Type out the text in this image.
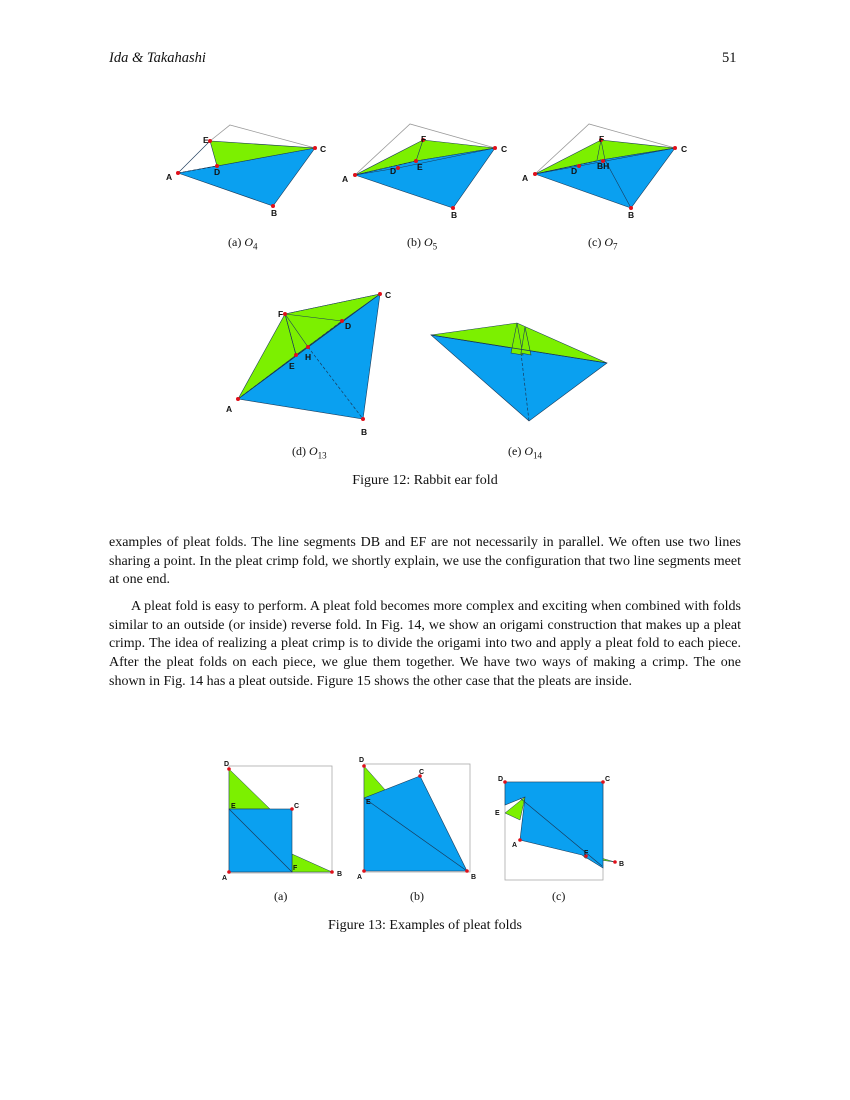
Ida & Takahashi	51
E
C
D
A
B
F
C
D E
A
B
F
C
D BH
A
B
(a) $O_4$	(b) $O_5$	(c) $O_7$
F
C
D
H
E
A
B
(d) $O_{13}$	(e) $O_{14}$
Figure 12: Rabbit ear fold

examples of pleat folds. The line segments DB and EF are not necessarily in parallel. We often use two lines sharing a point. In the pleat crimp fold, we shortly explain, we use the configuration that two line segments meet at one end.

A pleat fold is easy to perform. A pleat fold becomes more complex and exciting when combined with folds similar to an outside (or inside) reverse fold. In Fig. 14, we show an origami construction that makes up a pleat crimp. The idea of realizing a pleat crimp is to divide the origami into two and apply a pleat fold to each piece. After the pleat folds on each piece, we glue them together. We have two ways of making a crimp. The one shown in Fig. 14 has a pleat outside. Figure 15 shows the other case that the pleats are inside.

D
E	C
F
A
B
D
C
E
A	B
D	C
E
A
F
B
(a)	(b)	(c)
Figure 13: Examples of pleat folds
